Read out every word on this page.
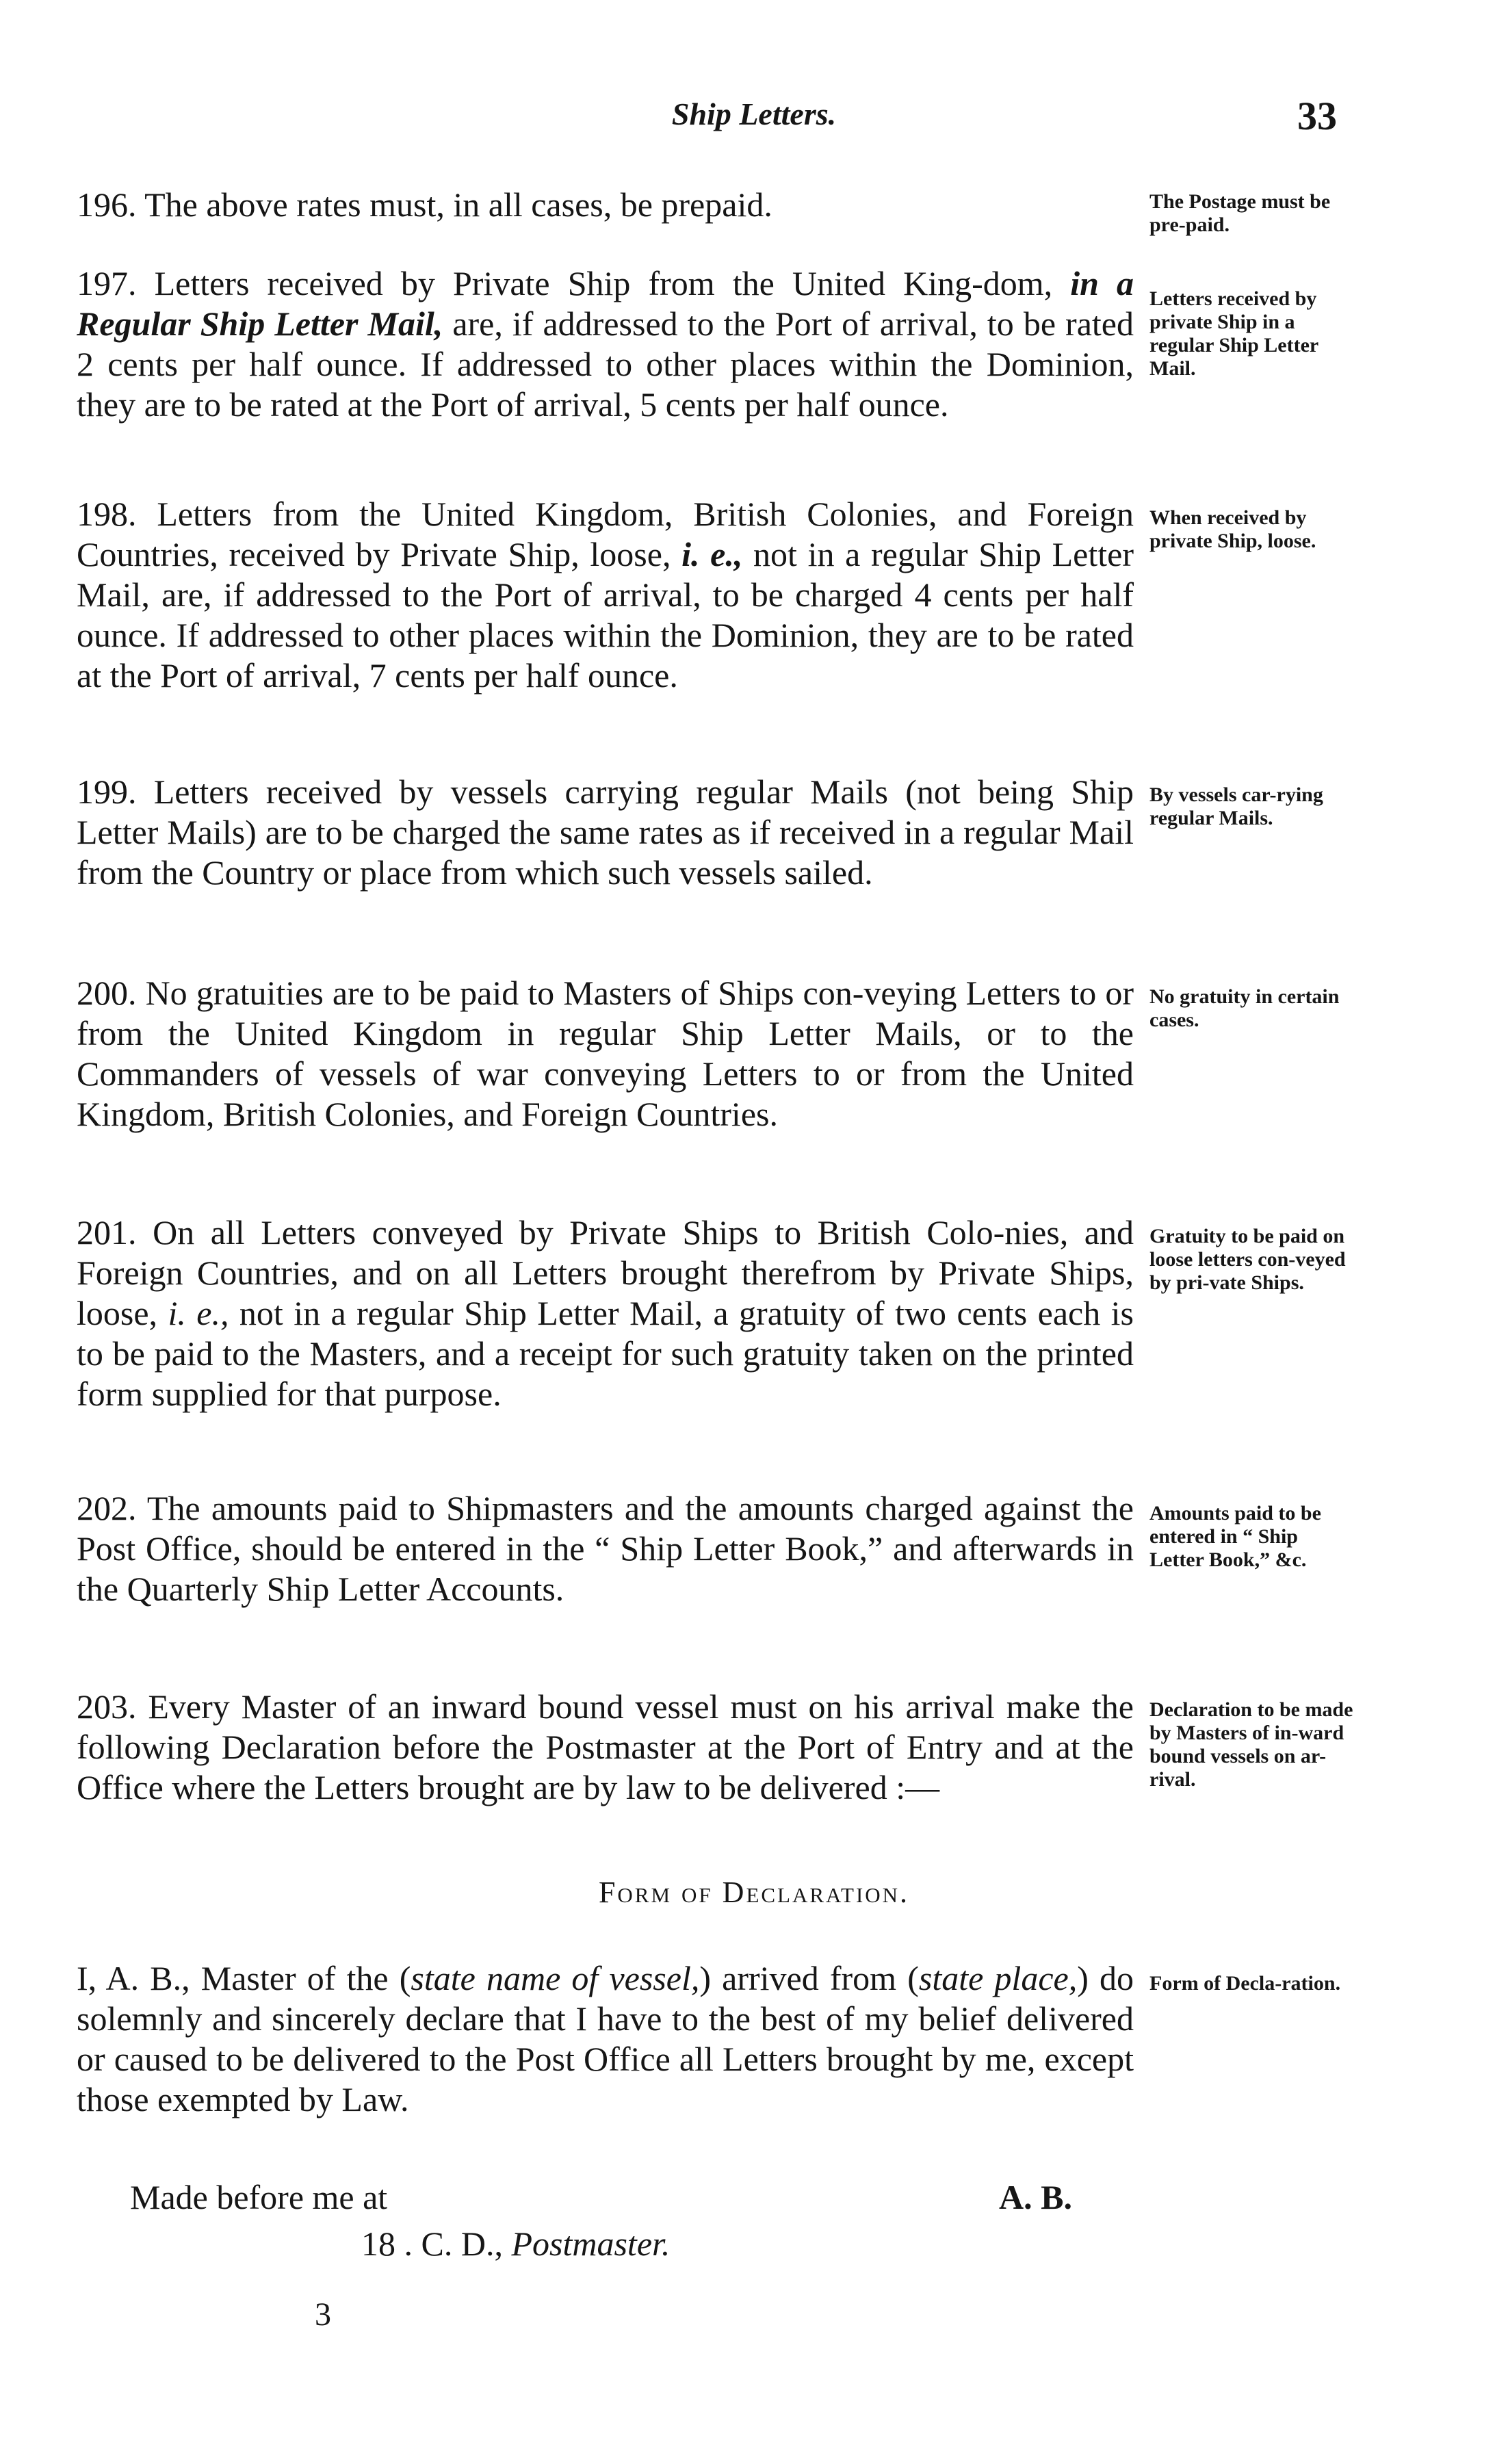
Ship Letters.	33

196. The above rates must, in all cases, be prepaid.	The Postage must be pre-paid.

197. Letters received by Private Ship from the United King-dom, in a Regular Ship Letter Mail, are, if addressed to the Port of arrival, to be rated 2 cents per half ounce. If addressed to other places within the Dominion, they are to be rated at the Port of arrival, 5 cents per half ounce.

Letters received by private Ship in a regular Ship Letter Mail.

198. Letters from the United Kingdom, British Colonies, and Foreign Countries, received by Private Ship, loose, i. e., not in a regular Ship Letter Mail, are, if addressed to the Port of arrival, to be charged 4 cents per half ounce. If addressed to other places within the Dominion, they are to be rated at the Port of arrival, 7 cents per half ounce.

When received by private Ship, loose.

199. Letters received by vessels carrying regular Mails (not being Ship Letter Mails) are to be charged the same rates as if received in a regular Mail from the Country or place from which such vessels sailed.

By vessels car-rying regular Mails.

200. No gratuities are to be paid to Masters of Ships con-veying Letters to or from the United Kingdom in regular Ship Letter Mails, or to the Commanders of vessels of war conveying Letters to or from the United Kingdom, British Colonies, and Foreign Countries.

No gratuity in certain cases.

201. On all Letters conveyed by Private Ships to British Colo-nies, and Foreign Countries, and on all Letters brought therefrom by Private Ships, loose, i. e., not in a regular Ship Letter Mail, a gratuity of two cents each is to be paid to the Masters, and a receipt for such gratuity taken on the printed form supplied for that purpose.

Gratuity to be paid on loose letters con-veyed by pri-vate Ships.

202. The amounts paid to Shipmasters and the amounts charged against the Post Office, should be entered in the “ Ship Letter Book,” and afterwards in the Quarterly Ship Letter Accounts.

Amounts paid to be entered in “ Ship Letter Book,” &c.

203. Every Master of an inward bound vessel must on his arrival make the following Declaration before the Postmaster at the Port of Entry and at the Office where the Letters brought are by law to be delivered :—

Declaration to be made by Masters of in-ward bound vessels on ar-rival.

Form of Declaration.

I, A. B., Master of the (state name of vessel,) arrived from (state place,) do solemnly and sincerely declare that I have to the best of my belief delivered or caused to be delivered to the Post Office all Letters brought by me, except those exempted by Law.

Form of Decla-ration.

Made before me at	A. B.
18 . C. D., Postmaster.
3
